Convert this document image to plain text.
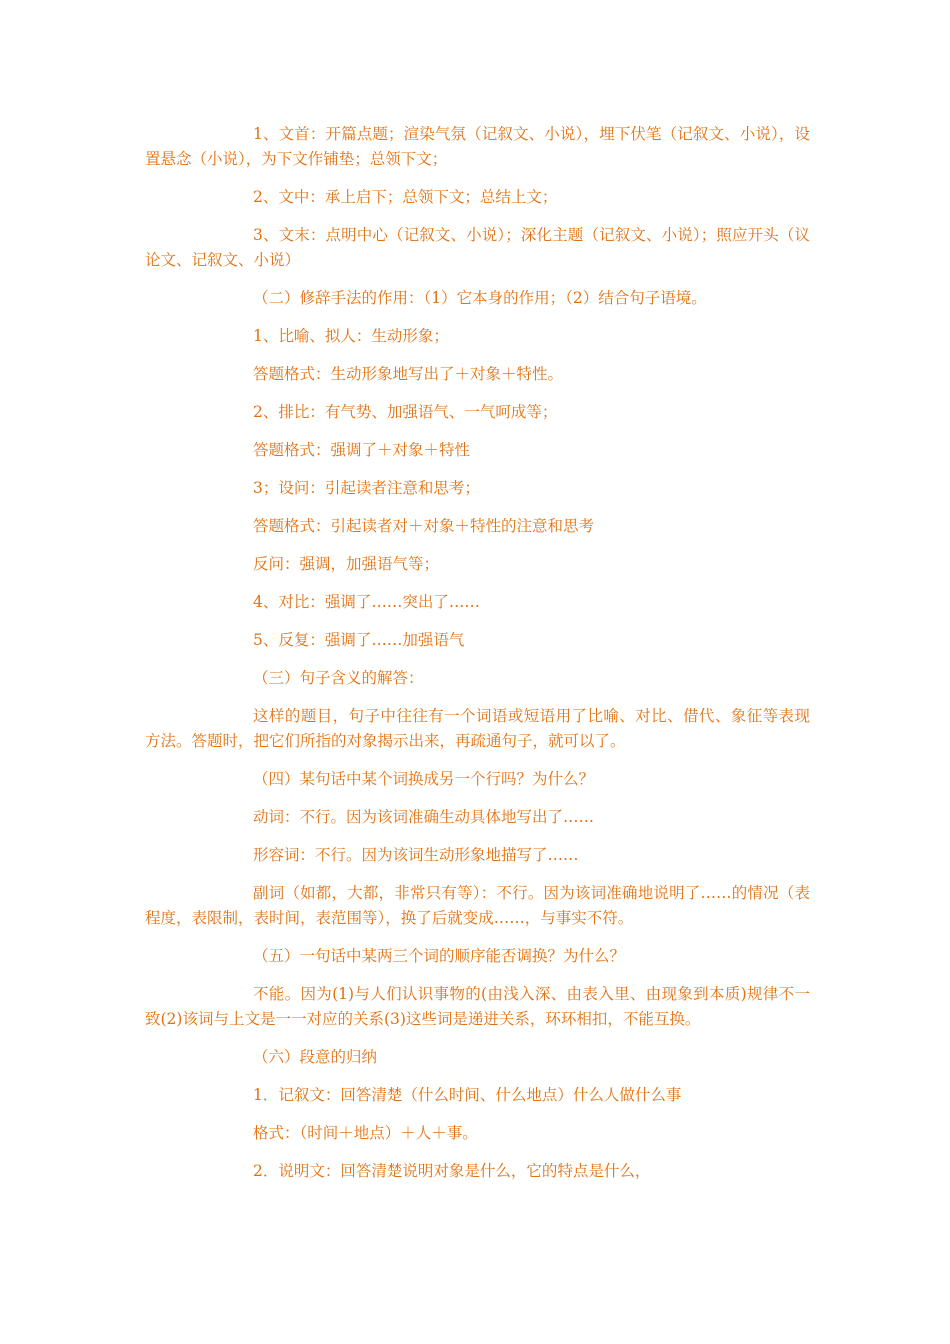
1、文首：开篇点题；渲染气氛（记叙文、小说），埋下伏笔（记叙文、小说），设置悬念（小说），为下文作铺垫；总领下文；

2、文中：承上启下；总领下文；总结上文；

3、文末：点明中心（记叙文、小说）；深化主题（记叙文、小说）；照应开头（议论文、记叙文、小说）

（二）修辞手法的作用：（1）它本身的作用；（2）结合句子语境。

1、比喻、拟人：生动形象；

答题格式：生动形象地写出了＋对象＋特性。

2、排比：有气势、加强语气、一气呵成等；

答题格式：强调了＋对象＋特性

3；设问：引起读者注意和思考；

答题格式：引起读者对＋对象＋特性的注意和思考

反问：强调，加强语气等；

4、对比：强调了……突出了……

5、反复：强调了……加强语气

（三）句子含义的解答：

这样的题目，句子中往往有一个词语或短语用了比喻、对比、借代、象征等表现方法。答题时，把它们所指的对象揭示出来，再疏通句子，就可以了。

（四）某句话中某个词换成另一个行吗？为什么？

动词：不行。因为该词准确生动具体地写出了……

形容词：不行。因为该词生动形象地描写了……

副词（如都，大都，非常只有等）：不行。因为该词准确地说明了……的情况（表程度，表限制，表时间，表范围等），换了后就变成……，与事实不符。

（五）一句话中某两三个词的顺序能否调换？为什么？

不能。因为(1)与人们认识事物的(由浅入深、由表入里、由现象到本质)规律不一致(2)该词与上文是一一对应的关系(3)这些词是递进关系，环环相扣，不能互换。

（六）段意的归纳

1．记叙文：回答清楚（什么时间、什么地点）什么人做什么事

格式：（时间＋地点）＋人＋事。

2．说明文：回答清楚说明对象是什么，它的特点是什么，
